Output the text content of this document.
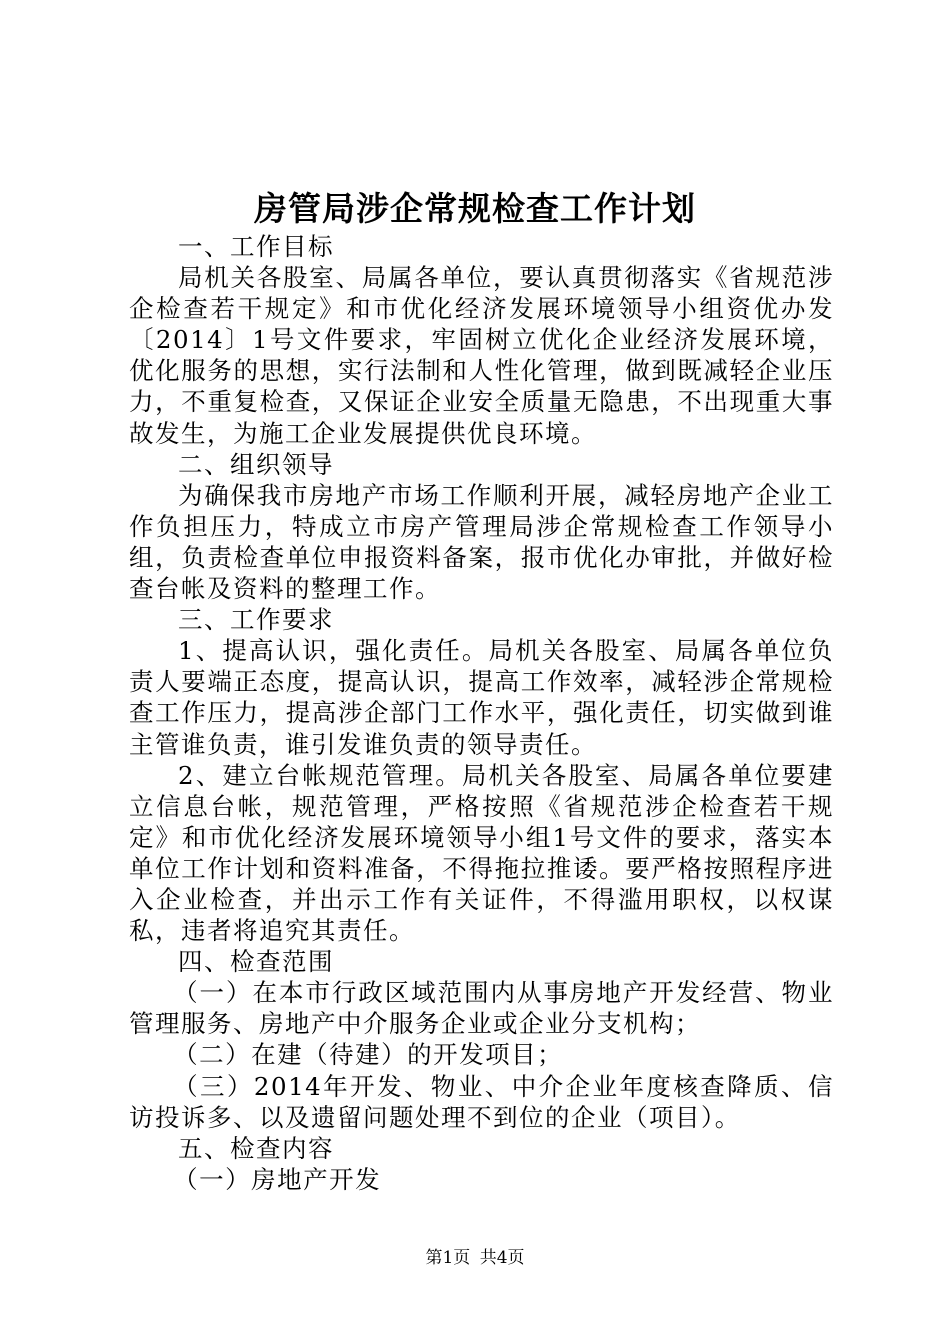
房管局涉企常规检查工作计划

一、工作目标

局机关各股室、局属各单位，要认真贯彻落实《省规范涉企检查若干规定》和市优化经济发展环境领导小组资优办发〔2014〕1号文件要求，牢固树立优化企业经济发展环境，优化服务的思想，实行法制和人性化管理，做到既减轻企业压力，不重复检查，又保证企业安全质量无隐患，不出现重大事故发生，为施工企业发展提供优良环境。

二、组织领导

为确保我市房地产市场工作顺利开展，减轻房地产企业工作负担压力，特成立市房产管理局涉企常规检查工作领导小组，负责检查单位申报资料备案，报市优化办审批，并做好检查台帐及资料的整理工作。

三、工作要求

1、提高认识，强化责任。局机关各股室、局属各单位负责人要端正态度，提高认识，提高工作效率，减轻涉企常规检查工作压力，提高涉企部门工作水平，强化责任，切实做到谁主管谁负责，谁引发谁负责的领导责任。

2、建立台帐规范管理。局机关各股室、局属各单位要建立信息台帐，规范管理，严格按照《省规范涉企检查若干规定》和市优化经济发展环境领导小组1号文件的要求，落实本单位工作计划和资料准备，不得拖拉推诿。要严格按照程序进入企业检查，并出示工作有关证件，不得滥用职权，以权谋私，违者将追究其责任。

四、检查范围

（一）在本市行政区域范围内从事房地产开发经营、物业管理服务、房地产中介服务企业或企业分支机构；

（二）在建（待建）的开发项目；

（三）2014年开发、物业、中介企业年度核查降质、信访投诉多、以及遗留问题处理不到位的企业（项目）。

五、检查内容

（一）房地产开发

第1页 共4页
